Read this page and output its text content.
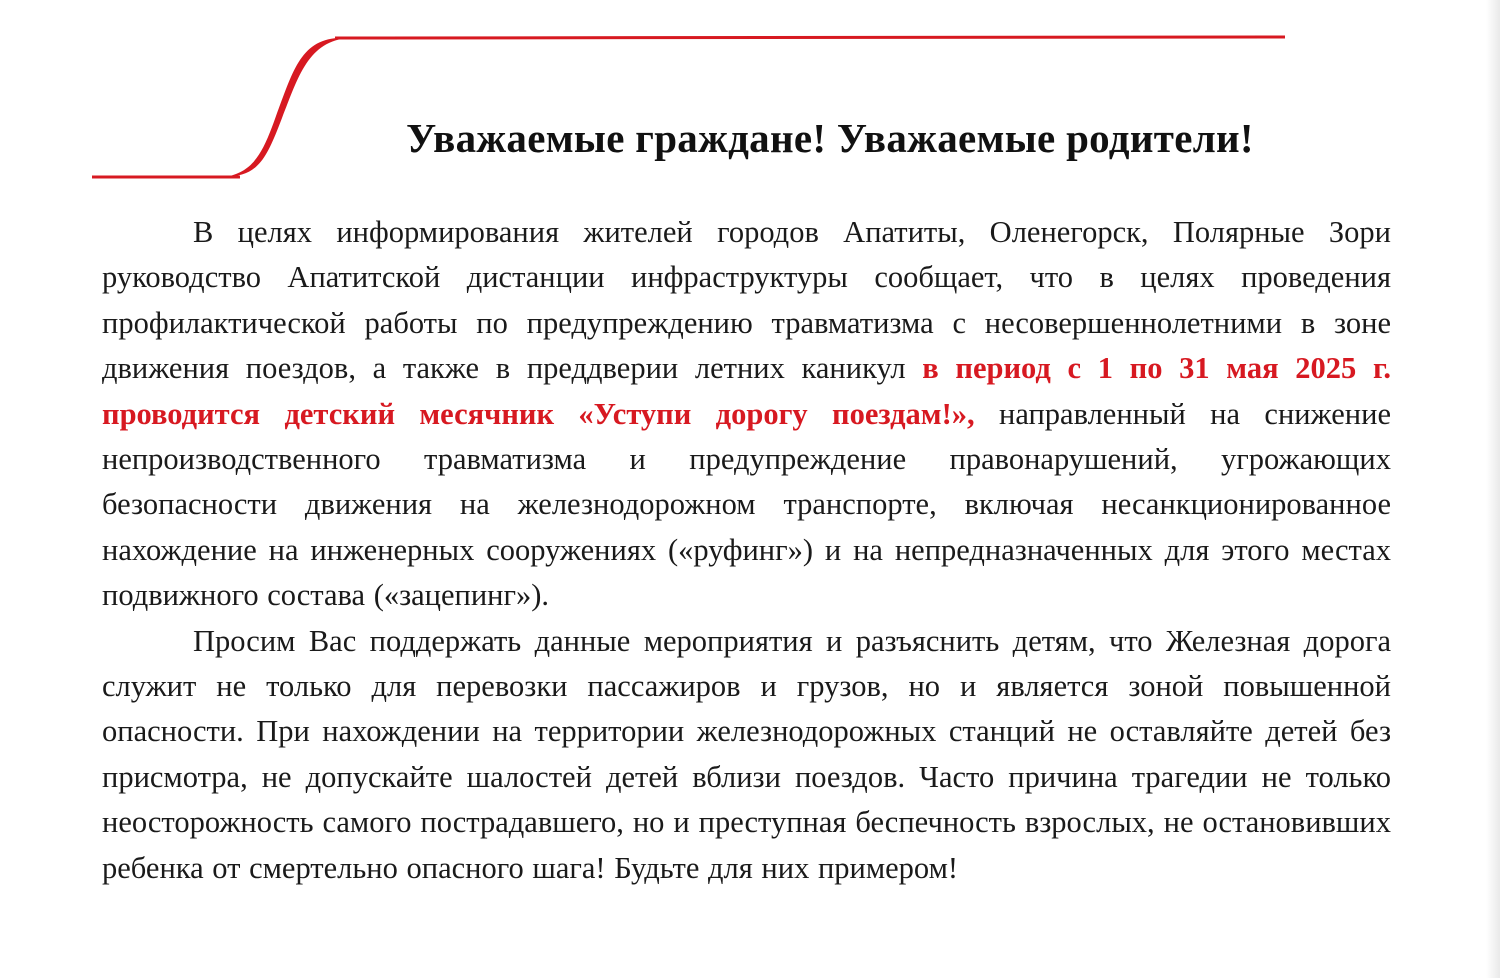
Уважаемые граждане! Уважаемые родители!

В целях информирования жителей городов Апатиты, Оленегорск, Полярные Зори руководство Апатитской дистанции инфраструктуры сообщает, что в целях проведения профилактической работы по предупреждению травматизма с несовершеннолетними в зоне движения поездов, а также в преддверии летних каникул в период с 1 по 31 мая 2025 г. проводится детский месячник «Уступи дорогу поездам!», направленный на снижение непроизводственного травматизма и предупреждение правонарушений, угрожающих безопасности движения на железнодорожном транспорте, включая несанкционированное нахождение на инженерных сооружениях («руфинг») и на непредназначенных для этого местах подвижного состава («зацепинг»).

Просим Вас поддержать данные мероприятия и разъяснить детям, что Железная дорога служит не только для перевозки пассажиров и грузов, но и является зоной повышенной опасности. При нахождении на территории железнодорожных станций не оставляйте детей без присмотра, не допускайте шалостей детей вблизи поездов. Часто причина трагедии не только неосторожность самого пострадавшего, но и преступная беспечность взрослых, не остановивших ребенка от смертельно опасного шага! Будьте для них примером!
